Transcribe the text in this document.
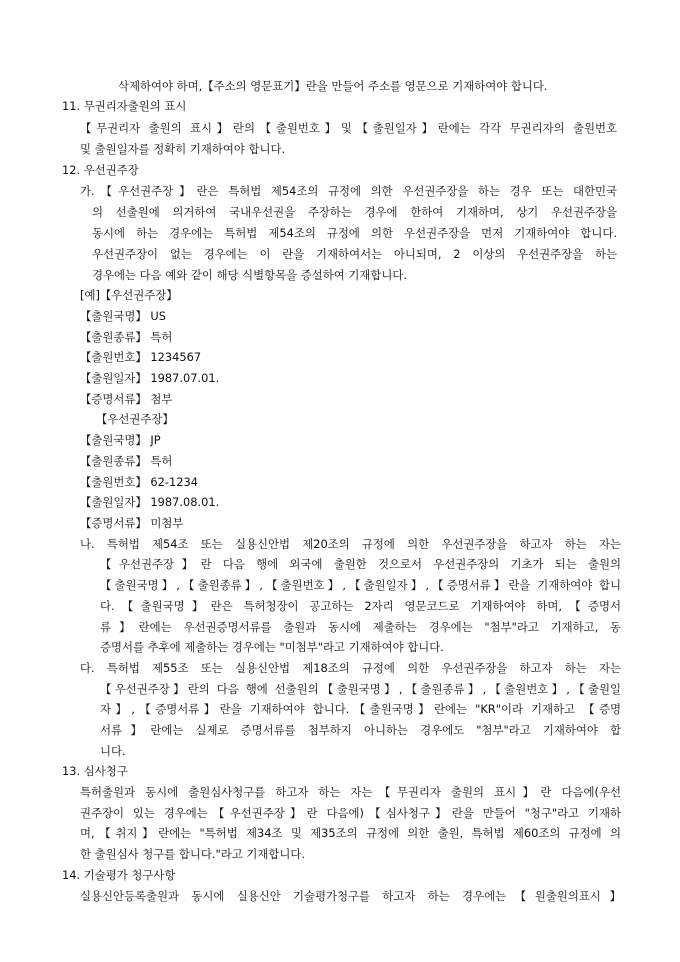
삭제하여야 하며,【주소의 영문표기】란을 만들어 주소를 영문으로 기재하여야 합니다.
11. 무권리자출원의 표시
【무권리자 출원의 표시】란의【출원번호】및【출원일자】란에는 각각 무권리자의 출원번호
및 출원일자를 정확히 기재하여야 합니다.
12. 우선권주장
가.【우선권주장】란은 특허법 제54조의 규정에 의한 우선권주장을 하는 경우 또는 대한민국
의 선출원에 의거하여 국내우선권을 주장하는 경우에 한하여 기재하며, 상기 우선권주장을
동시에 하는 경우에는 특허법 제54조의 규정에 의한 우선권주장을 먼저 기재하여야 합니다.
우선권주장이 없는 경우에는 이 란을 기재하여서는 아니되며, 2 이상의 우선권주장을 하는
경우에는 다음 예와 같이 해당 식별항목을 증설하여 기재합니다.
[예]【우선권주장】
【출원국명】 US
【출원종류】 특허
【출원번호】 1234567
【출원일자】 1987.07.01.
【증명서류】 첨부
【우선권주장】
【출원국명】 JP
【출원종류】 특허
【출원번호】 62-1234
【출원일자】 1987.08.01.
【증명서류】 미첨부
나. 특허법 제54조 또는 실용신안법 제20조의 규정에 의한 우선권주장을 하고자 하는 자는
【우선권주장】란 다음 행에 외국에 출원한 것으로서 우선권주장의 기초가 되는 출원의
【출원국명】,【출원종류】,【출원번호】,【출원일자】,【증명서류】란을 기재하여야 합니
다.【출원국명】란은 특허청장이 공고하는 2자리 영문코드로 기재하여야 하며,【증명서
류】란에는 우선권증명서류를 출원과 동시에 제출하는 경우에는 "첨부"라고 기재하고, 동
증명서를 추후에 제출하는 경우에는 "미첨부"라고 기재하여야 합니다.
다. 특허법 제55조 또는 실용신안법 제18조의 규정에 의한 우선권주장을 하고자 하는 자는
【우선권주장】란의 다음 행에 선출원의【출원국명】,【출원종류】,【출원번호】,【출원일
자】,【증명서류】란을 기재하여야 합니다.【출원국명】란에는 "KR"이라 기재하고 【증명
서류】란에는 실제로 증명서류를 첨부하지 아니하는 경우에도 "첨부"라고 기재하여야 합
니다.
13. 심사청구
특허출원과 동시에 출원심사청구를 하고자 하는 자는【무권리자 출원의 표시】란 다음에(우선
권주장이 있는 경우에는【우선권주장】란 다음에)【심사청구】란을 만들어 "청구"라고 기재하
며,【취지】란에는 "특허법 제34조 및 제35조의 규정에 의한 출원, 특허법 제60조의 규정에 의
한 출원심사 청구를 합니다."라고 기재합니다.
14. 기술평가 청구사항
실용신안등록출원과 동시에 실용신안 기술평가청구를 하고자 하는 경우에는【원출원의표시】
